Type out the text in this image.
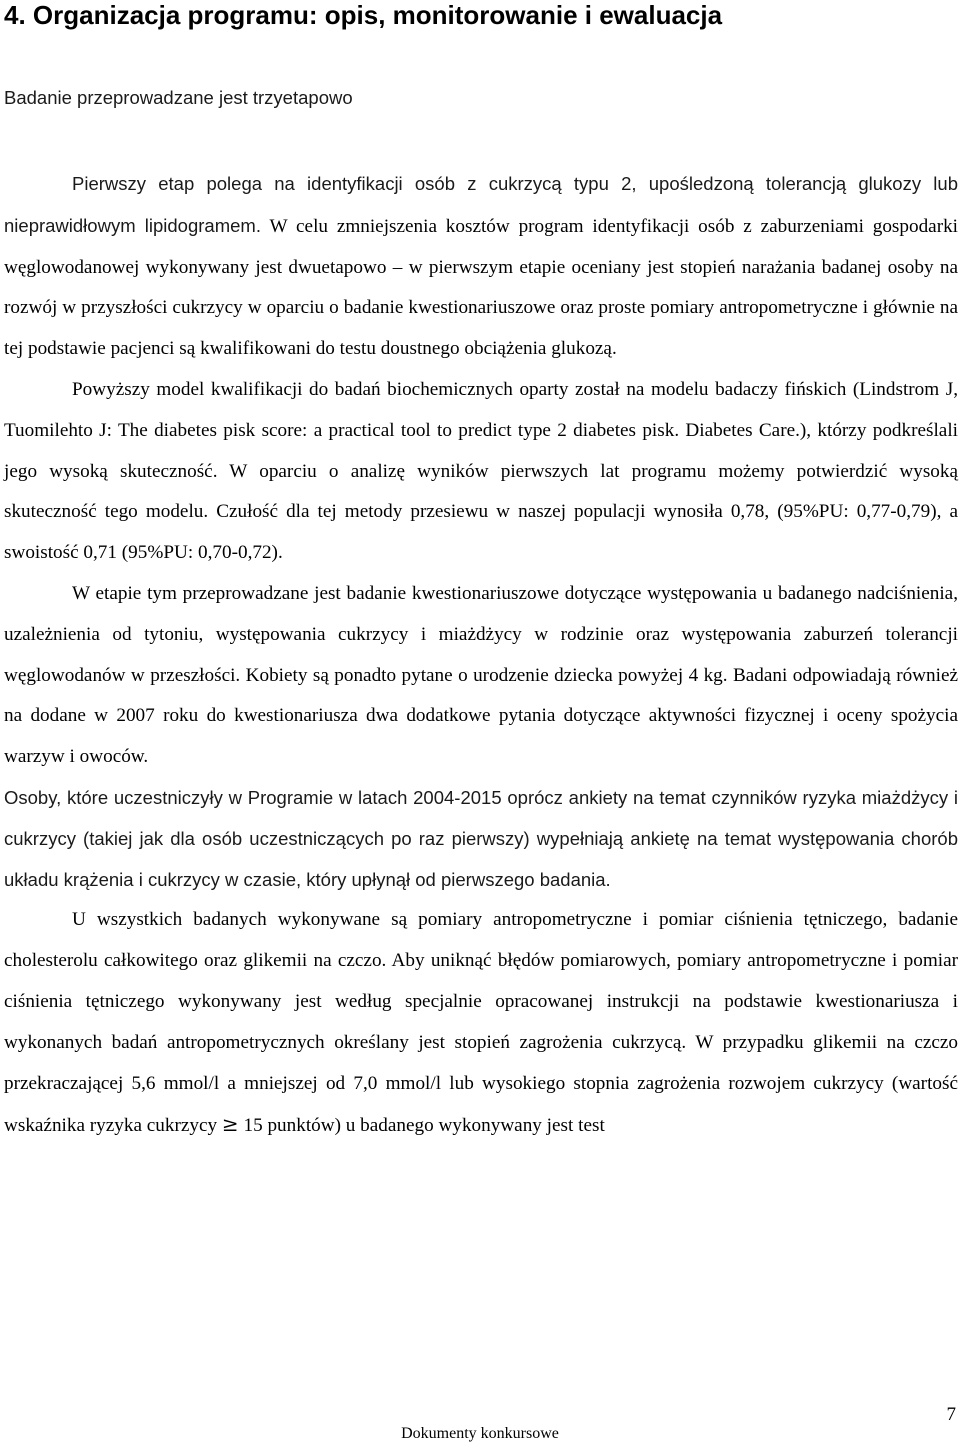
4. Organizacja programu: opis, monitorowanie i ewaluacja

Badanie przeprowadzane jest trzyetapowo

Pierwszy etap polega na identyfikacji osób z cukrzycą typu 2, upośledzoną tolerancją glukozy lub nieprawidłowym lipidogramem. W celu zmniejszenia kosztów program identyfikacji osób z zaburzeniami gospodarki węglowodanowej wykonywany jest dwuetapowo – w pierwszym etapie oceniany jest stopień narażania badanej osoby na rozwój w przyszłości cukrzycy w oparciu o badanie kwestionariuszowe oraz proste pomiary antropometryczne i głównie na tej podstawie pacjenci są kwalifikowani do testu doustnego obciążenia glukozą.

Powyższy model kwalifikacji do badań biochemicznych oparty został na modelu badaczy fińskich (Lindstrom J, Tuomilehto J: The diabetes pisk score: a practical tool to predict type 2 diabetes pisk. Diabetes Care.), którzy podkreślali jego wysoką skuteczność. W oparciu o analizę wyników pierwszych lat programu możemy potwierdzić wysoką skuteczność tego modelu. Czułość dla tej metody przesiewu w naszej populacji wynosiła 0,78, (95%PU: 0,77-0,79), a swoistość 0,71 (95%PU: 0,70-0,72).

W etapie tym przeprowadzane jest badanie kwestionariuszowe dotyczące występowania u badanego nadciśnienia, uzależnienia od tytoniu, występowania cukrzycy i miażdżycy w rodzinie oraz występowania zaburzeń tolerancji węglowodanów w przeszłości. Kobiety są ponadto pytane o urodzenie dziecka powyżej 4 kg. Badani odpowiadają również na dodane w 2007 roku do kwestionariusza dwa dodatkowe pytania dotyczące aktywności fizycznej i oceny spożycia warzyw i owoców.

Osoby, które uczestniczyły w Programie w latach 2004-2015 oprócz ankiety na temat czynników ryzyka miażdżycy i cukrzycy (takiej jak dla osób uczestniczących po raz pierwszy) wypełniają ankietę na temat występowania chorób układu krążenia i cukrzycy w czasie, który upłynął od pierwszego badania.

U wszystkich badanych wykonywane są pomiary antropometryczne i pomiar ciśnienia tętniczego, badanie cholesterolu całkowitego oraz glikemii na czczo. Aby uniknąć błędów pomiarowych, pomiary antropometryczne i pomiar ciśnienia tętniczego wykonywany jest według specjalnie opracowanej instrukcji na podstawie kwestionariusza i wykonanych badań antropometrycznych określany jest stopień zagrożenia cukrzycą. W przypadku glikemii na czczo przekraczającej 5,6 mmol/l a mniejszej od 7,0 mmol/l lub wysokiego stopnia zagrożenia rozwojem cukrzycy (wartość wskaźnika ryzyka cukrzycy ≥ 15 punktów) u badanego wykonywany jest test

7
Dokumenty konkursowe
